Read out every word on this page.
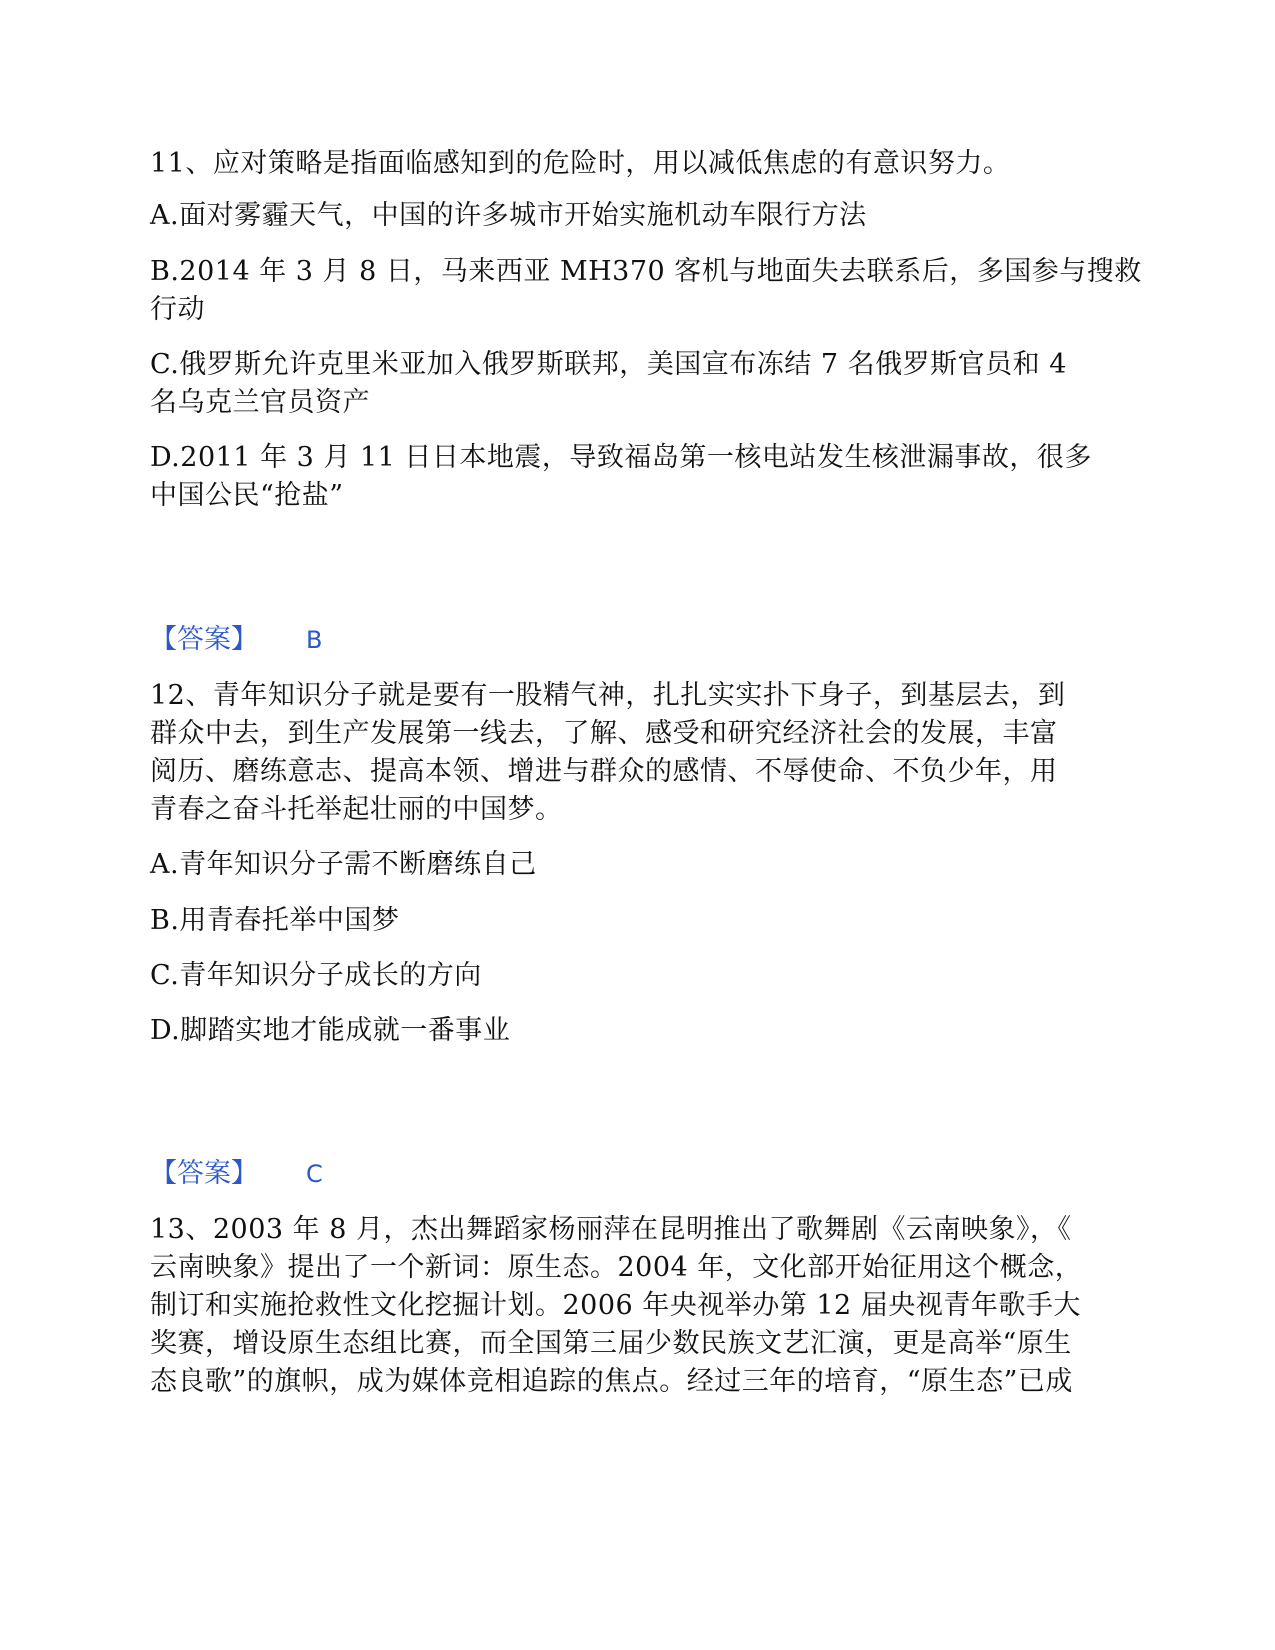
11、应对策略是指面临感知到的危险时，用以减低焦虑的有意识努力。
A.面对雾霾天气，中国的许多城市开始实施机动车限行方法
B.2014 年 3 月 8 日，马来西亚 MH370 客机与地面失去联系后，多国参与搜救
行动
C.俄罗斯允许克里米亚加入俄罗斯联邦，美国宣布冻结 7 名俄罗斯官员和 4
名乌克兰官员资产
D.2011 年 3 月 11 日日本地震，导致福岛第一核电站发生核泄漏事故，很多
中国公民“抢盐”
【答案】 B
12、青年知识分子就是要有一股精气神，扎扎实实扑下身子，到基层去，到
群众中去，到生产发展第一线去，了解、感受和研究经济社会的发展，丰富
阅历、磨练意志、提高本领、增进与群众的感情、不辱使命、不负少年，用
青春之奋斗托举起壮丽的中国梦。
A.青年知识分子需不断磨练自己
B.用青春托举中国梦
C.青年知识分子成长的方向
D.脚踏实地才能成就一番事业
【答案】 C
13、2003 年 8 月，杰出舞蹈家杨丽萍在昆明推出了歌舞剧《云南映象》，《
云南映象》提出了一个新词：原生态。2004 年，文化部开始征用这个概念，
制订和实施抢救性文化挖掘计划。2006 年央视举办第 12 届央视青年歌手大
奖赛，增设原生态组比赛，而全国第三届少数民族文艺汇演，更是高举“原生
态良歌”的旗帜，成为媒体竞相追踪的焦点。经过三年的培育，“原生态”已成
